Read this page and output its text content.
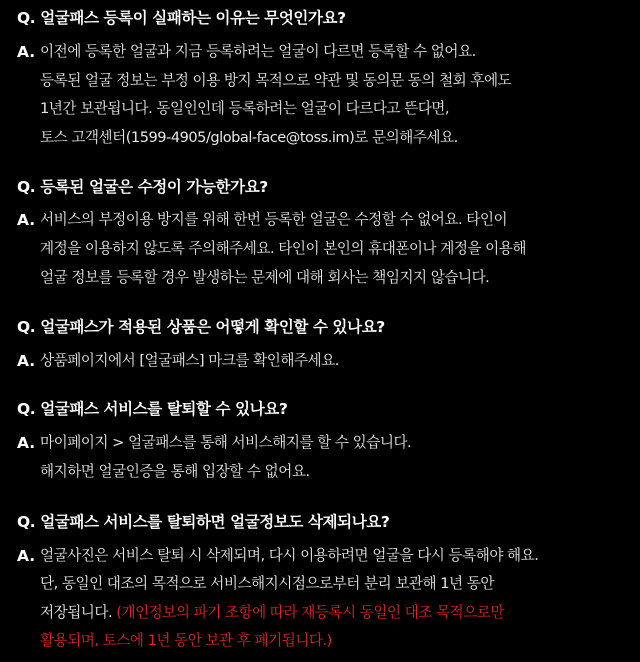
Q. 얼굴패스 등록이 실패하는 이유는 무엇인가요?
A. 이전에 등록한 얼굴과 지금 등록하려는 얼굴이 다르면 등록할 수 없어요.
등록된 얼굴 정보는 부정 이용 방지 목적으로 약관 및 동의문 동의 철회 후에도
1년간 보관됩니다. 동일인인데 등록하려는 얼굴이 다르다고 뜬다면,
토스 고객센터(1599-4905/global-face@toss.im)로 문의해주세요.
Q. 등록된 얼굴은 수정이 가능한가요?
A. 서비스의 부정이용 방지를 위해 한번 등록한 얼굴은 수정할 수 없어요. 타인이
계정을 이용하지 않도록 주의해주세요. 타인이 본인의 휴대폰이나 계정을 이용해
얼굴 정보를 등록할 경우 발생하는 문제에 대해 회사는 책임지지 않습니다.
Q. 얼굴패스가 적용된 상품은 어떻게 확인할 수 있나요?
A. 상품페이지에서 [얼굴패스] 마크를 확인해주세요.
Q. 얼굴패스 서비스를 탈퇴할 수 있나요?
A. 마이페이지 > 얼굴패스를 통해 서비스해지를 할 수 있습니다.
해지하면 얼굴인증을 통해 입장할 수 없어요.
Q. 얼굴패스 서비스를 탈퇴하면 얼굴정보도 삭제되나요?
A. 얼굴사진은 서비스 탈퇴 시 삭제되며, 다시 이용하려면 얼굴을 다시 등록해야 해요.
단, 동일인 대조의 목적으로 서비스해지시점으로부터 분리 보관해 1년 동안
저장됩니다. (개인정보의 파기 조항에 따라 재등록시 동일인 대조 목적으로만
활용되며, 토스에 1년 동안 보관 후 폐기됩니다.)
